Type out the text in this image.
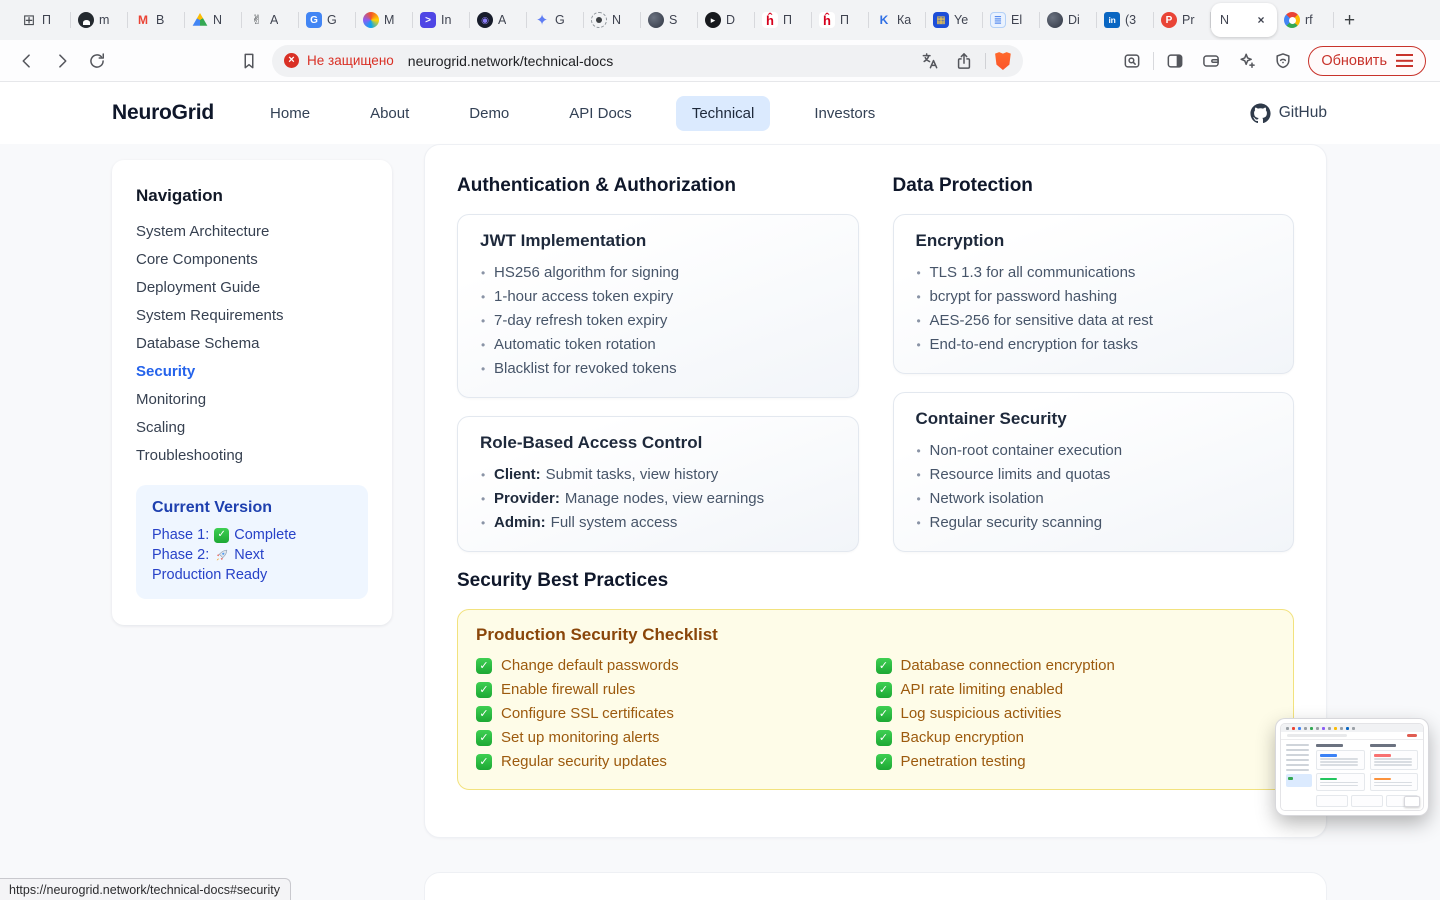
⊞
П	m M	B	N ✌	A G	G	M >	In ◉	A ✦	G	N	S ▸	D ĥ	П ĥ	П K	Ка ▦	Ye ≣	El	Di in	(3 P	Pr N ×	rf +
×
Не защищено neurogrid.network/technical-docs	Обновить
NeuroGrid	Home	About	Demo	API Docs	Technical	Investors	GitHub
Navigation
System Architecture
Core Components
Deployment Guide
System Requirements
Database Schema
Security
Monitoring
Scaling
Troubleshooting
Current Version
Phase 1: ✓ Complete
Phase 2: Next
Production Ready
Authentication & Authorization
JWT Implementation
• HS256 algorithm for signing
• 1-hour access token expiry
• 7-day refresh token expiry
• Automatic token rotation
• Blacklist for revoked tokens
Role-Based Access Control
• Client: Submit tasks, view history
• Provider: Manage nodes, view earnings
• Admin: Full system access
Data Protection
Encryption
• TLS 1.3 for all communications
• bcrypt for password hashing
• AES-256 for sensitive data at rest
• End-to-end encryption for tasks
Container Security
• Non-root container execution
• Resource limits and quotas
• Network isolation
• Regular security scanning
Security Best Practices
Production Security Checklist
✓
Change default passwords
✓
Enable firewall rules
✓
Configure SSL certificates
✓
Set up monitoring alerts
✓
Regular security updates
✓
Database connection encryption
✓
API rate limiting enabled
✓
Log suspicious activities
✓
Backup encryption
✓
Penetration testing
https://neurogrid.network/technical-docs#security
